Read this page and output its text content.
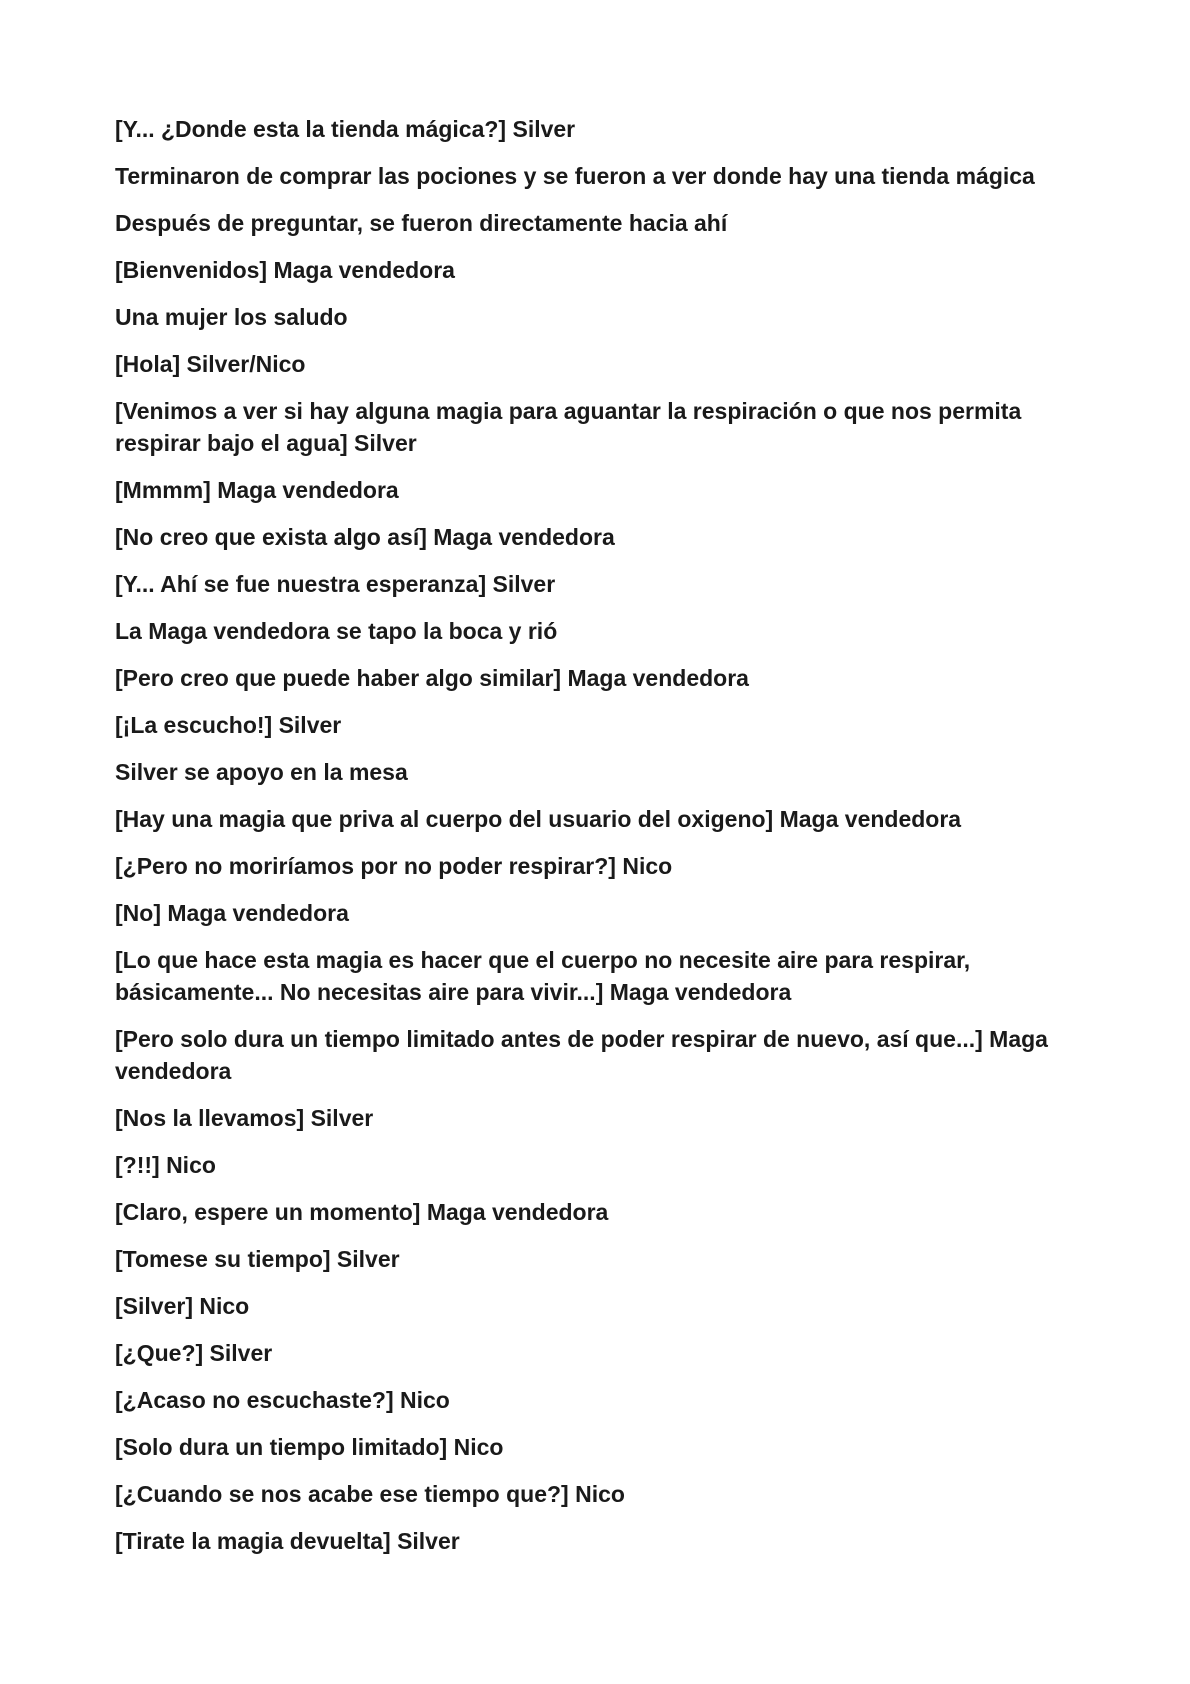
[Y... ¿Donde esta la tienda mágica?] Silver

Terminaron de comprar las pociones y se fueron a ver donde hay una tienda mágica

Después de preguntar, se fueron directamente hacia ahí

[Bienvenidos] Maga vendedora

Una mujer los saludo

[Hola] Silver/Nico

[Venimos a ver si hay alguna magia para aguantar la respiración o que nos permita respirar bajo el agua] Silver

[Mmmm] Maga vendedora

[No creo que exista algo así] Maga vendedora

[Y... Ahí se fue nuestra esperanza] Silver

La Maga vendedora se tapo la boca y rió

[Pero creo que puede haber algo similar] Maga vendedora

[¡La escucho!] Silver

Silver se apoyo en la mesa

[Hay una magia que priva al cuerpo del usuario del oxigeno] Maga vendedora

[¿Pero no moriríamos por no poder respirar?] Nico

[No] Maga vendedora

[Lo que hace esta magia es hacer que el cuerpo no necesite aire para respirar, básicamente... No necesitas aire para vivir...] Maga vendedora

[Pero solo dura un tiempo limitado antes de poder respirar de nuevo, así que...] Maga vendedora

[Nos la llevamos] Silver

[?!!] Nico

[Claro, espere un momento] Maga vendedora

[Tomese su tiempo] Silver

[Silver] Nico

[¿Que?] Silver

[¿Acaso no escuchaste?] Nico

[Solo dura un tiempo limitado] Nico

[¿Cuando se nos acabe ese tiempo que?] Nico

[Tirate la magia devuelta] Silver
